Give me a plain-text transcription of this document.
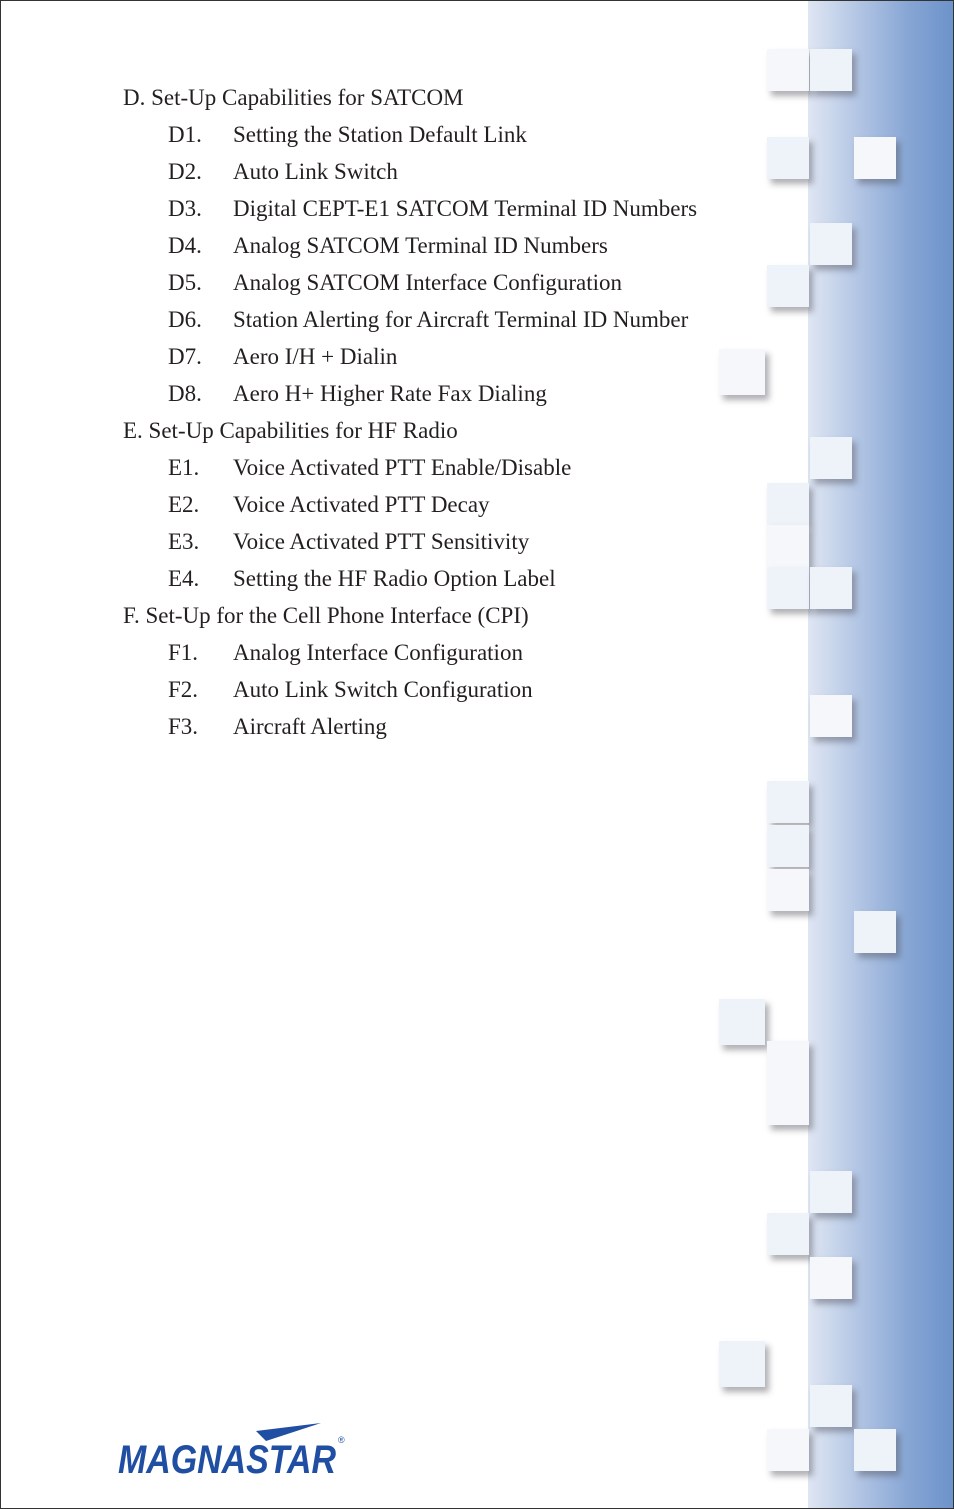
D. Set-Up Capabilities for SATCOM
D1. Setting the Station Default Link
D2. Auto Link Switch
D3. Digital CEPT-E1 SATCOM Terminal ID Numbers
D4. Analog SATCOM Terminal ID Numbers
D5. Analog SATCOM Interface Configuration
D6. Station Alerting for Aircraft Terminal ID Number
D7. Aero I/H + Dialin
D8. Aero H+ Higher Rate Fax Dialing
E. Set-Up Capabilities for HF Radio
E1. Voice Activated PTT Enable/Disable
E2. Voice Activated PTT Decay
E3. Voice Activated PTT Sensitivity
E4. Setting the HF Radio Option Label
F. Set-Up for the Cell Phone Interface (CPI)
F1. Analog Interface Configuration
F2. Auto Link Switch Configuration
F3. Aircraft Alerting
MAGNASTAR ®
